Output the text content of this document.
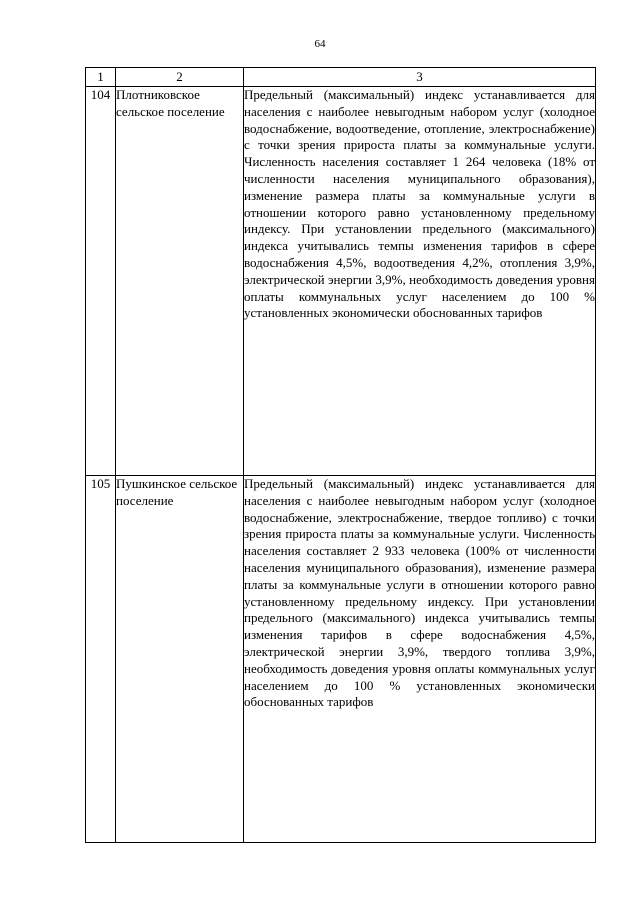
64
1	2	3
104	Плотниковское сельское поселение	Предельный (максимальный) индекс устанавливается для населения с наиболее невыгодным набором услуг (холодное водоснабжение, водоотведение, отопление, электроснабжение) с точки зрения прироста платы за коммунальные услуги. Численность населения составляет 1 264 человека (18% от численности населения муниципального образования), изменение размера платы за коммунальные услуги в отношении которого равно установленному предельному индексу. При установлении предельного (максимального) индекса учитывались темпы изменения тарифов в сфере водоснабжения 4,5%, водоотведения 4,2%, отопления 3,9%, электрической энергии 3,9%, необходимость доведения уровня оплаты коммунальных услуг населением до 100 % установленных экономически обоснованных тарифов
105	Пушкинское сельское поселение	Предельный (максимальный) индекс устанавливается для населения с наиболее невыгодным набором услуг (холодное водоснабжение, электроснабжение, твердое топливо) с точки зрения прироста платы за коммунальные услуги. Численность населения составляет 2 933 человека (100% от численности населения муниципального образования), изменение размера платы за коммунальные услуги в отношении которого равно установленному предельному индексу. При установлении предельного (максимального) индекса учитывались темпы изменения тарифов в сфере водоснабжения 4,5%, электрической энергии 3,9%, твердого топлива 3,9%, необходимость доведения уровня оплаты коммунальных услуг населением до 100 % установленных экономически обоснованных тарифов
